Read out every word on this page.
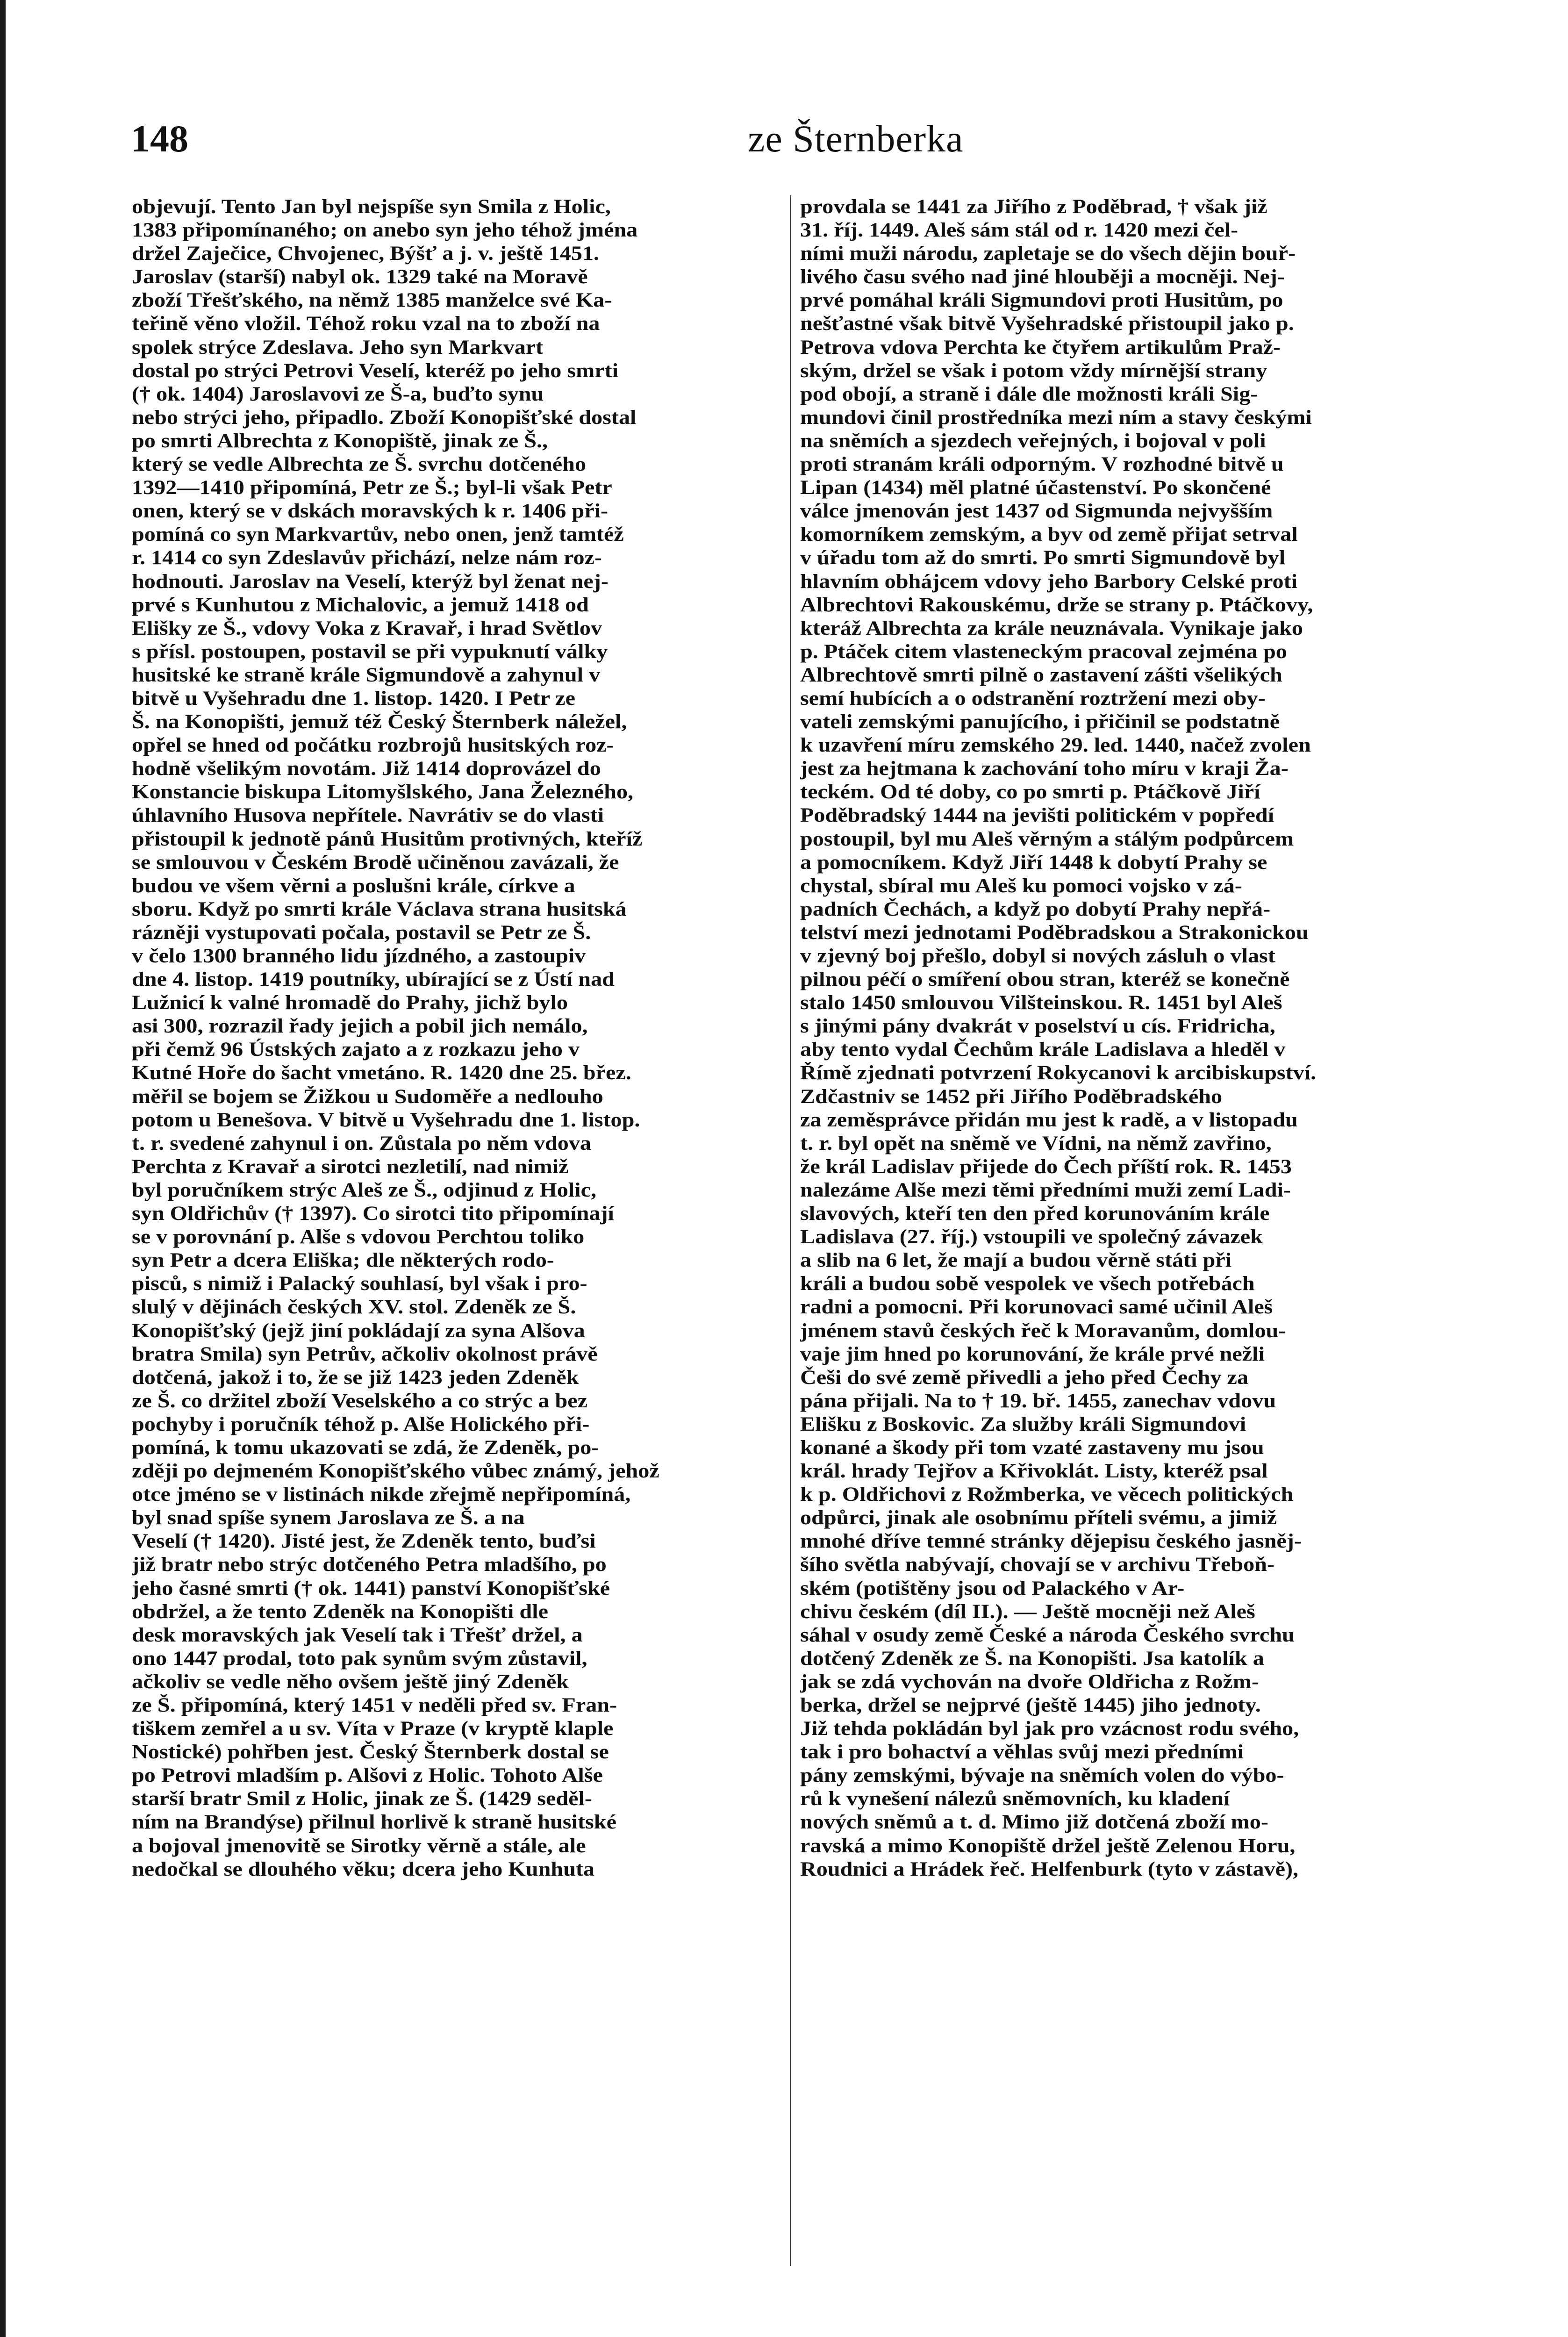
148	ze Šternberka
objevují. Tento Jan byl nejspíše syn Smila z Holic,
1383 připomínaného; on anebo syn jeho téhož jména
držel Zaječice, Chvojenec, Býšť a j. v. ještě 1451.
Jaroslav (starší) nabyl ok. 1329 také na Moravě
zboží Třešťského, na němž 1385 manželce své Ka-
teřině věno vložil. Téhož roku vzal na to zboží na
spolek strýce Zdeslava. Jeho syn Markvart
dostal po strýci Petrovi Veselí, kteréž po jeho smrti
(† ok. 1404) Jaroslavovi ze Š-a, buďto synu
nebo strýci jeho, připadlo. Zboží Konopišťské dostal
po smrti Albrechta z Konopiště, jinak ze Š.,
který se vedle Albrechta ze Š. svrchu dotčeného
1392—1410 připomíná, Petr ze Š.; byl-li však Petr
onen, který se v dskách moravských k r. 1406 při-
pomíná co syn Markvartův, nebo onen, jenž tamtéž
r. 1414 co syn Zdeslavův přichází, nelze nám roz-
hodnouti. Jaroslav na Veselí, kterýž byl ženat nej-
prvé s Kunhutou z Michalovic, a jemuž 1418 od
Elišky ze Š., vdovy Voka z Kravař, i hrad Světlov
s přísl. postoupen, postavil se při vypuknutí války
husitské ke straně krále Sigmundově a zahynul v
bitvě u Vyšehradu dne 1. listop. 1420. I Petr ze
Š. na Konopišti, jemuž též Český Šternberk náležel,
opřel se hned od počátku rozbrojů husitských roz-
hodně všelikým novotám. Již 1414 doprovázel do
Konstancie biskupa Litomyšlského, Jana Železného,
úhlavního Husova nepřítele. Navrátiv se do vlasti
přistoupil k jednotě pánů Husitům protivných, kteříž
se smlouvou v Českém Brodě učiněnou zavázali, že
budou ve všem věrni a poslušni krále, církve a
sboru. Když po smrti krále Václava strana husitská
rázněji vystupovati počala, postavil se Petr ze Š.
v čelo 1300 branného lidu jízdného, a zastoupiv
dne 4. listop. 1419 poutníky, ubírající se z Ústí nad
Lužnicí k valné hromadě do Prahy, jichž bylo
asi 300, rozrazil řady jejich a pobil jich nemálo,
při čemž 96 Ústských zajato a z rozkazu jeho v
Kutné Hoře do šacht vmetáno. R. 1420 dne 25. břez.
měřil se bojem se Žižkou u Sudoměře a nedlouho
potom u Benešova. V bitvě u Vyšehradu dne 1. listop.
t. r. svedené zahynul i on. Zůstala po něm vdova
Perchta z Kravař a sirotci nezletilí, nad nimiž
byl poručníkem strýc Aleš ze Š., odjinud z Holic,
syn Oldřichův († 1397). Co sirotci tito připomínají
se v porovnání p. Alše s vdovou Perchtou toliko
syn Petr a dcera Eliška; dle některých rodo-
pisců, s nimiž i Palacký souhlasí, byl však i pro-
slulý v dějinách českých XV. stol. Zdeněk ze Š.
Konopišťský (jejž jiní pokládají za syna Alšova
bratra Smila) syn Petrův, ačkoliv okolnost právě
dotčená, jakož i to, že se již 1423 jeden Zdeněk
ze Š. co držitel zboží Veselského a co strýc a bez
pochyby i poručník téhož p. Alše Holického při-
pomíná, k tomu ukazovati se zdá, že Zdeněk, po-
zději po dejmeném Konopišťského vůbec známý, jehož
otce jméno se v listinách nikde zřejmě nepřipomíná,
byl snad spíše synem Jaroslava ze Š. a na
Veselí († 1420). Jisté jest, že Zdeněk tento, buďsi
již bratr nebo strýc dotčeného Petra mladšího, po
jeho časné smrti († ok. 1441) panství Konopišťské
obdržel, a že tento Zdeněk na Konopišti dle
desk moravských jak Veselí tak i Třešť držel, a
ono 1447 prodal, toto pak synům svým zůstavil,
ačkoliv se vedle něho ovšem ještě jiný Zdeněk
ze Š. připomíná, který 1451 v neděli před sv. Fran-
tiškem zemřel a u sv. Víta v Praze (v kryptě klaple
Nostické) pohřben jest. Český Šternberk dostal se
po Petrovi mladším p. Alšovi z Holic. Tohoto Alše
starší bratr Smil z Holic, jinak ze Š. (1429 seděl-
ním na Brandýse) přilnul horlivě k straně husitské
a bojoval jmenovitě se Sirotky věrně a stále, ale
nedočkal se dlouhého věku; dcera jeho Kunhuta
provdala se 1441 za Jiřího z Poděbrad, † však již
31. říj. 1449. Aleš sám stál od r. 1420 mezi čel-
ními muži národu, zapletaje se do všech dějin bouř-
livého času svého nad jiné hlouběji a mocněji. Nej-
prvé pomáhal králi Sigmundovi proti Husitům, po
nešťastné však bitvě Vyšehradské přistoupil jako p.
Petrova vdova Perchta ke čtyřem artikulům Praž-
ským, držel se však i potom vždy mírnější strany
pod obojí, a straně i dále dle možnosti králi Sig-
mundovi činil prostředníka mezi ním a stavy českými
na sněmích a sjezdech veřejných, i bojoval v poli
proti stranám králi odporným. V rozhodné bitvě u
Lipan (1434) měl platné účastenství. Po skončené
válce jmenován jest 1437 od Sigmunda nejvyšším
komorníkem zemským, a byv od země přijat setrval
v úřadu tom až do smrti. Po smrti Sigmundově byl
hlavním obhájcem vdovy jeho Barbory Celské proti
Albrechtovi Rakouskému, drže se strany p. Ptáčkovy,
kteráž Albrechta za krále neuznávala. Vynikaje jako
p. Ptáček citem vlasteneckým pracoval zejména po
Albrechtově smrti pilně o zastavení zášti všelikých
semí hubících a o odstranění roztržení mezi oby-
vateli zemskými panujícího, i přičinil se podstatně
k uzavření míru zemského 29. led. 1440, načež zvolen
jest za hejtmana k zachování toho míru v kraji Ža-
teckém. Od té doby, co po smrti p. Ptáčkově Jiří
Poděbradský 1444 na jevišti politickém v popředí
postoupil, byl mu Aleš věrným a stálým podpůrcem
a pomocníkem. Když Jiří 1448 k dobytí Prahy se
chystal, sbíral mu Aleš ku pomoci vojsko v zá-
padních Čechách, a když po dobytí Prahy nepřá-
telství mezi jednotami Poděbradskou a Strakonickou
v zjevný boj přešlo, dobyl si nových zásluh o vlast
pilnou péčí o smíření obou stran, kteréž se konečně
stalo 1450 smlouvou Vilšteinskou. R. 1451 byl Aleš
s jinými pány dvakrát v poselství u cís. Fridricha,
aby tento vydal Čechům krále Ladislava a hleděl v
Římě zjednati potvrzení Rokycanovi k arcibiskupství.
Zdčastniv se 1452 při Jiřího Poděbradského
za zeměsprávce přidán mu jest k radě, a v listopadu
t. r. byl opět na sněmě ve Vídni, na němž zavřino,
že král Ladislav přijede do Čech příští rok. R. 1453
nalezáme Alše mezi těmi předními muži zemí Ladi-
slavových, kteří ten den před korunováním krále
Ladislava (27. říj.) vstoupili ve společný závazek
a slib na 6 let, že mají a budou věrně státi při
králi a budou sobě vespolek ve všech potřebách
radni a pomocni. Při korunovaci samé učinil Aleš
jménem stavů českých řeč k Moravanům, domlou-
vaje jim hned po korunování, že krále prvé nežli
Češi do své země přivedli a jeho před Čechy za
pána přijali. Na to † 19. bř. 1455, zanechav vdovu
Elišku z Boskovic. Za služby králi Sigmundovi
konané a škody při tom vzaté zastaveny mu jsou
král. hrady Tejřov a Křivoklát. Listy, kteréž psal
k p. Oldřichovi z Rožmberka, ve věcech politických
odpůrci, jinak ale osobnímu příteli svému, a jimiž
mnohé dříve temné stránky dějepisu českého jasněj-
šího světla nabývají, chovají se v archivu Třeboň-
ském (potištěny jsou od Palackého v Ar-
chivu českém (díl II.). — Ještě mocněji než Aleš
sáhal v osudy země České a národa Českého svrchu
dotčený Zdeněk ze Š. na Konopišti. Jsa katolík a
jak se zdá vychován na dvoře Oldřicha z Rožm-
berka, držel se nejprvé (ještě 1445) jiho jednoty.
Již tehda pokládán byl jak pro vzácnost rodu svého,
tak i pro bohactví a věhlas svůj mezi předními
pány zemskými, bývaje na sněmích volen do výbo-
rů k vynešení nálezů sněmovních, ku kladení
nových sněmů a t. d. Mimo již dotčená zboží mo-
ravská a mimo Konopiště držel ještě Zelenou Horu,
Roudnici a Hrádek řeč. Helfenburk (tyto v zástavě),
